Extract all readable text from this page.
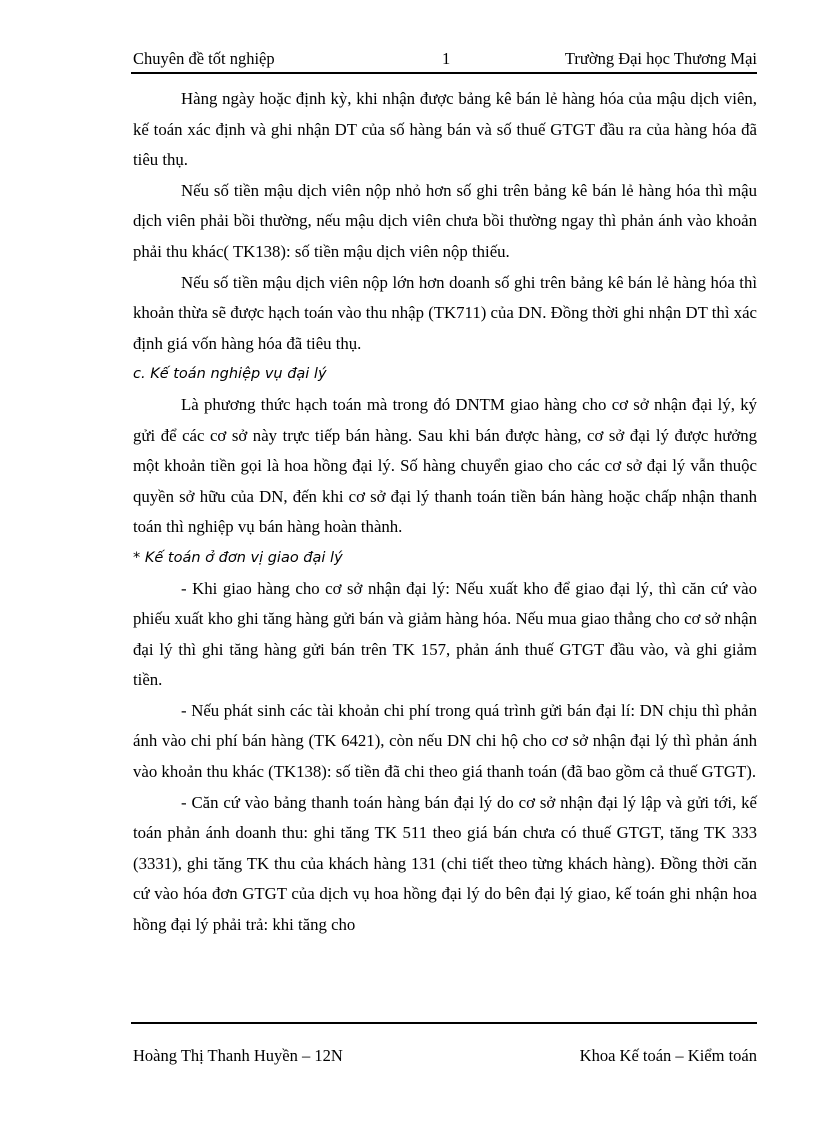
Chuyên đề tốt nghiệp	1	Trường Đại học Thương Mại

Hàng ngày hoặc định kỳ, khi nhận được bảng kê bán lẻ hàng hóa của mậu dịch viên, kế toán xác định và ghi nhận DT của số hàng bán và số thuế GTGT đầu ra của hàng hóa đã tiêu thụ.

Nếu số tiền mậu dịch viên nộp nhỏ hơn số ghi trên bảng kê bán lẻ hàng hóa thì mậu dịch viên phải bồi thường, nếu mậu dịch viên chưa bồi thường ngay thì phản ánh vào khoản phải thu khác( TK138): số tiền mậu dịch viên nộp thiếu.

Nếu số tiền mậu dịch viên nộp lớn hơn doanh số ghi trên bảng kê bán lẻ hàng hóa thì khoản thừa sẽ được hạch toán vào thu nhập (TK711) của DN. Đồng thời ghi nhận DT thì xác định giá vốn hàng hóa đã tiêu thụ.

c. Kế toán nghiệp vụ đại lý

Là phương thức hạch toán mà trong đó DNTM giao hàng cho cơ sở nhận đại lý, ký gửi để các cơ sở này trực tiếp bán hàng. Sau khi bán được hàng, cơ sở đại lý được hưởng một khoản tiền gọi là hoa hồng đại lý. Số hàng chuyển giao cho các cơ sở đại lý vẫn thuộc quyền sở hữu của DN, đến khi cơ sở đại lý thanh toán tiền bán hàng hoặc chấp nhận thanh toán thì nghiệp vụ bán hàng hoàn thành.

* Kế toán ở đơn vị giao đại lý

- Khi giao hàng cho cơ sở nhận đại lý: Nếu xuất kho để giao đại lý, thì căn cứ vào phiếu xuất kho ghi tăng hàng gửi bán và giảm hàng hóa. Nếu mua giao thẳng cho cơ sở nhận đại lý thì ghi tăng hàng gửi bán trên TK 157, phản ánh thuế GTGT đầu vào, và ghi giảm tiền.

- Nếu phát sinh các tài khoản chi phí trong quá trình gửi bán đại lí: DN chịu thì phản ánh vào chi phí bán hàng (TK 6421), còn nếu DN chi hộ cho cơ sở nhận đại lý thì phản ánh vào khoản thu khác (TK138): số tiền đã chi theo giá thanh toán (đã bao gồm cả thuế GTGT).

- Căn cứ vào bảng thanh toán hàng bán đại lý do cơ sở nhận đại lý lập và gửi tới, kế toán phản ánh doanh thu: ghi tăng TK 511 theo giá bán chưa có thuế GTGT, tăng TK 333 (3331), ghi tăng TK thu của khách hàng 131 (chi tiết theo từng khách hàng). Đồng thời căn cứ vào hóa đơn GTGT của dịch vụ hoa hồng đại lý do bên đại lý giao, kế toán ghi nhận hoa hồng đại lý phải trả: khi tăng cho

Hoàng Thị Thanh Huyền – 12N	Khoa Kế toán – Kiểm toán
